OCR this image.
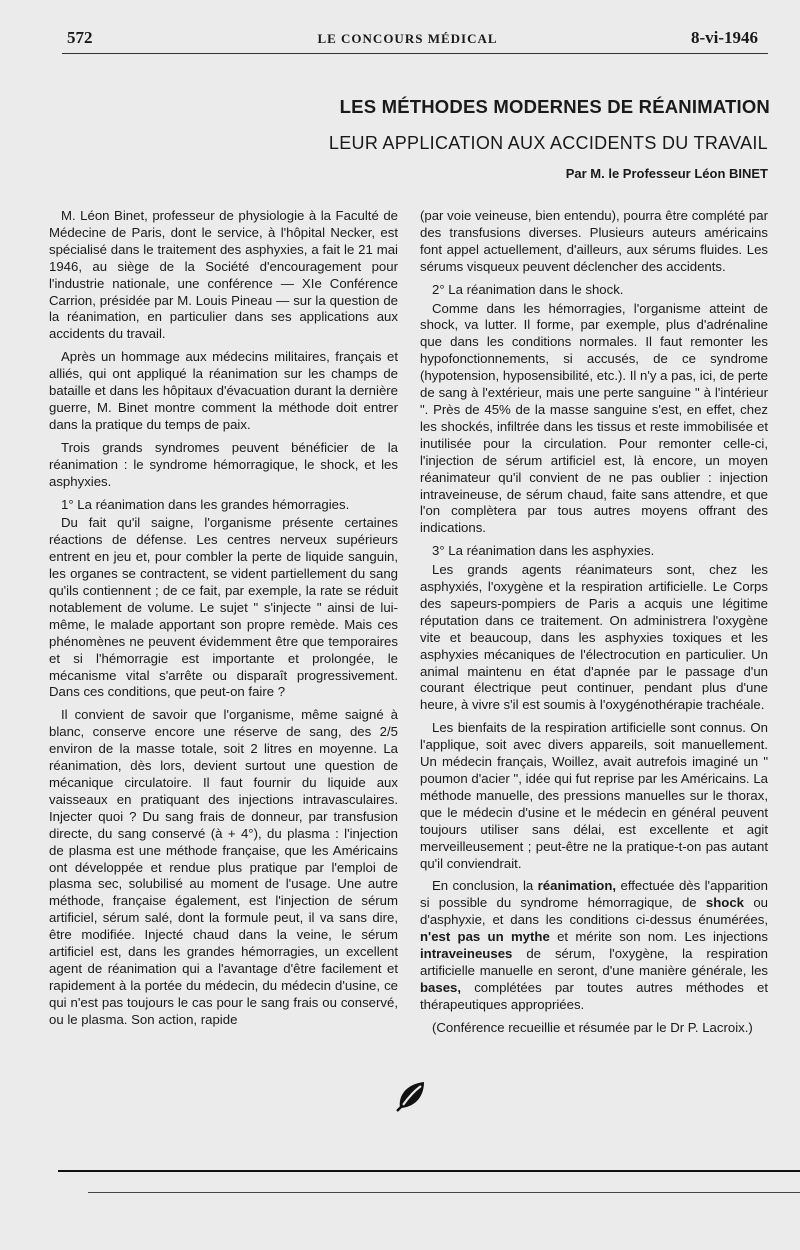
572	LE CONCOURS MÉDICAL	8-vi-1946
LES MÉTHODES MODERNES DE RÉANIMATION
LEUR APPLICATION AUX ACCIDENTS DU TRAVAIL
Par M. le Professeur Léon BINET

M. Léon Binet, professeur de physiologie à la Faculté de Médecine de Paris, dont le service, à l'hôpital Necker, est spécialisé dans le traitement des asphyxies, a fait le 21 mai 1946, au siège de la Société d'encouragement pour l'industrie nationale, une conférence — XIe Conférence Carrion, présidée par M. Louis Pineau — sur la question de la réanimation, en particulier dans ses applications aux accidents du travail.

Après un hommage aux médecins militaires, français et alliés, qui ont appliqué la réanimation sur les champs de bataille et dans les hôpitaux d'évacuation durant la dernière guerre, M. Binet montre comment la méthode doit entrer dans la pratique du temps de paix.

Trois grands syndromes peuvent bénéficier de la réanimation : le syndrome hémorragique, le shock, et les asphyxies.

1° La réanimation dans les grandes hémorragies.

Du fait qu'il saigne, l'organisme présente certaines réactions de défense. Les centres nerveux supérieurs entrent en jeu et, pour combler la perte de liquide sanguin, les organes se contractent, se vident partiellement du sang qu'ils contiennent ; de ce fait, par exemple, la rate se réduit notablement de volume. Le sujet " s'injecte " ainsi de lui-même, le malade apportant son propre remède. Mais ces phénomènes ne peuvent évidemment être que temporaires et si l'hémorragie est importante et prolongée, le mécanisme vital s'arrête ou disparaît progressivement. Dans ces conditions, que peut-on faire ?

Il convient de savoir que l'organisme, même saigné à blanc, conserve encore une réserve de sang, des 2/5 environ de la masse totale, soit 2 litres en moyenne. La réanimation, dès lors, devient surtout une question de mécanique circulatoire. Il faut fournir du liquide aux vaisseaux en pratiquant des injections intravasculaires. Injecter quoi ? Du sang frais de donneur, par transfusion directe, du sang conservé (à + 4°), du plasma : l'injection de plasma est une méthode française, que les Américains ont développée et rendue plus pratique par l'emploi de plasma sec, solubilisé au moment de l'usage. Une autre méthode, française également, est l'injection de sérum artificiel, sérum salé, dont la formule peut, il va sans dire, être modifiée. Injecté chaud dans la veine, le sérum artificiel est, dans les grandes hémorragies, un excellent agent de réanimation qui a l'avantage d'être facilement et rapidement à la portée du médecin, du médecin d'usine, ce qui n'est pas toujours le cas pour le sang frais ou conservé, ou le plasma. Son action, rapide

(par voie veineuse, bien entendu), pourra être complété par des transfusions diverses. Plusieurs auteurs américains font appel actuellement, d'ailleurs, aux sérums fluides. Les sérums visqueux peuvent déclencher des accidents.

2° La réanimation dans le shock.

Comme dans les hémorragies, l'organisme atteint de shock, va lutter. Il forme, par exemple, plus d'adrénaline que dans les conditions normales. Il faut remonter les hypofonctionnements, si accusés, de ce syndrome (hypotension, hyposensibilité, etc.). Il n'y a pas, ici, de perte de sang à l'extérieur, mais une perte sanguine " à l'intérieur ". Près de 45% de la masse sanguine s'est, en effet, chez les shockés, infiltrée dans les tissus et reste immobilisée et inutilisée pour la circulation. Pour remonter celle-ci, l'injection de sérum artificiel est, là encore, un moyen réanimateur qu'il convient de ne pas oublier : injection intraveineuse, de sérum chaud, faite sans attendre, et que l'on complètera par tous autres moyens offrant des indications.

3° La réanimation dans les asphyxies.

Les grands agents réanimateurs sont, chez les asphyxiés, l'oxygène et la respiration artificielle. Le Corps des sapeurs-pompiers de Paris a acquis une légitime réputation dans ce traitement. On administrera l'oxygène vite et beaucoup, dans les asphyxies toxiques et les asphyxies mécaniques de l'électrocution en particulier. Un animal maintenu en état d'apnée par le passage d'un courant électrique peut continuer, pendant plus d'une heure, à vivre s'il est soumis à l'oxygénothérapie trachéale.

Les bienfaits de la respiration artificielle sont connus. On l'applique, soit avec divers appareils, soit manuellement. Un médecin français, Woillez, avait autrefois imaginé un " poumon d'acier ", idée qui fut reprise par les Américains. La méthode manuelle, des pressions manuelles sur le thorax, que le médecin d'usine et le médecin en général peuvent toujours utiliser sans délai, est excellente et agit merveilleusement ; peut-être ne la pratique-t-on pas autant qu'il conviendrait.

En conclusion, la réanimation, effectuée dès l'apparition si possible du syndrome hémorragique, de shock ou d'asphyxie, et dans les conditions ci-dessus énumérées, n'est pas un mythe et mérite son nom. Les injections intraveineuses de sérum, l'oxygène, la respiration artificielle manuelle en seront, d'une manière générale, les bases, complétées par toutes autres méthodes et thérapeutiques appropriées.

(Conférence recueillie et résumée par le Dr P. Lacroix.)
